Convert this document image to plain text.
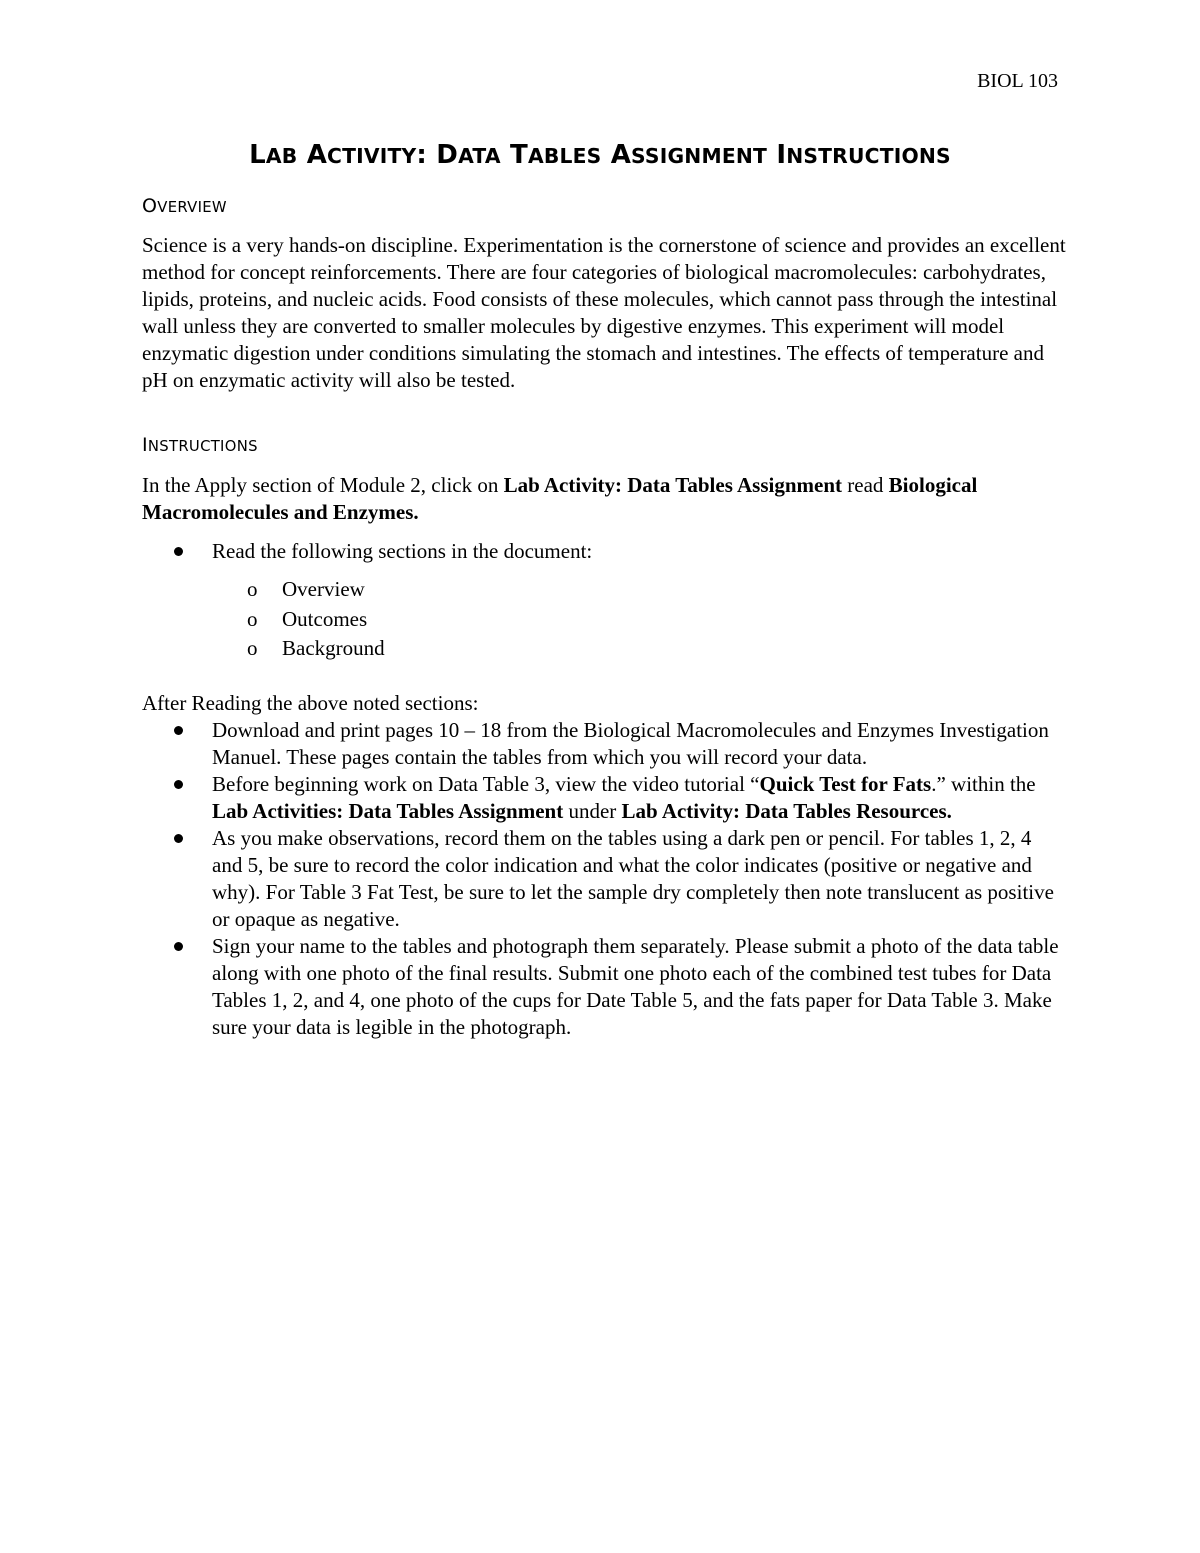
BIOL 103
LAB ACTIVITY: DATA TABLES ASSIGNMENT INSTRUCTIONS
OVERVIEW

Science is a very hands-on discipline. Experimentation is the cornerstone of science and provides an excellent method for concept reinforcements. There are four categories of biological macromolecules: carbohydrates, lipids, proteins, and nucleic acids. Food consists of these molecules, which cannot pass through the intestinal wall unless they are converted to smaller molecules by digestive enzymes. This experiment will model enzymatic digestion under conditions simulating the stomach and intestines. The effects of temperature and pH on enzymatic activity will also be tested.

INSTRUCTIONS

In the Apply section of Module 2, click on Lab Activity: Data Tables Assignment read Biological Macromolecules and Enzymes.

Read the following sections in the document:
o Overview
o Outcomes
o Background

After Reading the above noted sections:

Download and print pages 10 – 18 from the Biological Macromolecules and Enzymes Investigation Manuel. These pages contain the tables from which you will record your data.
Before beginning work on Data Table 3, view the video tutorial “Quick Test for Fats.” within the Lab Activities: Data Tables Assignment under Lab Activity: Data Tables Resources.
As you make observations, record them on the tables using a dark pen or pencil. For tables 1, 2, 4 and 5, be sure to record the color indication and what the color indicates (positive or negative and why). For Table 3 Fat Test, be sure to let the sample dry completely then note translucent as positive or opaque as negative.
Sign your name to the tables and photograph them separately. Please submit a photo of the data table along with one photo of the final results. Submit one photo each of the combined test tubes for Data Tables 1, 2, and 4, one photo of the cups for Date Table 5, and the fats paper for Data Table 3. Make sure your data is legible in the photograph.
